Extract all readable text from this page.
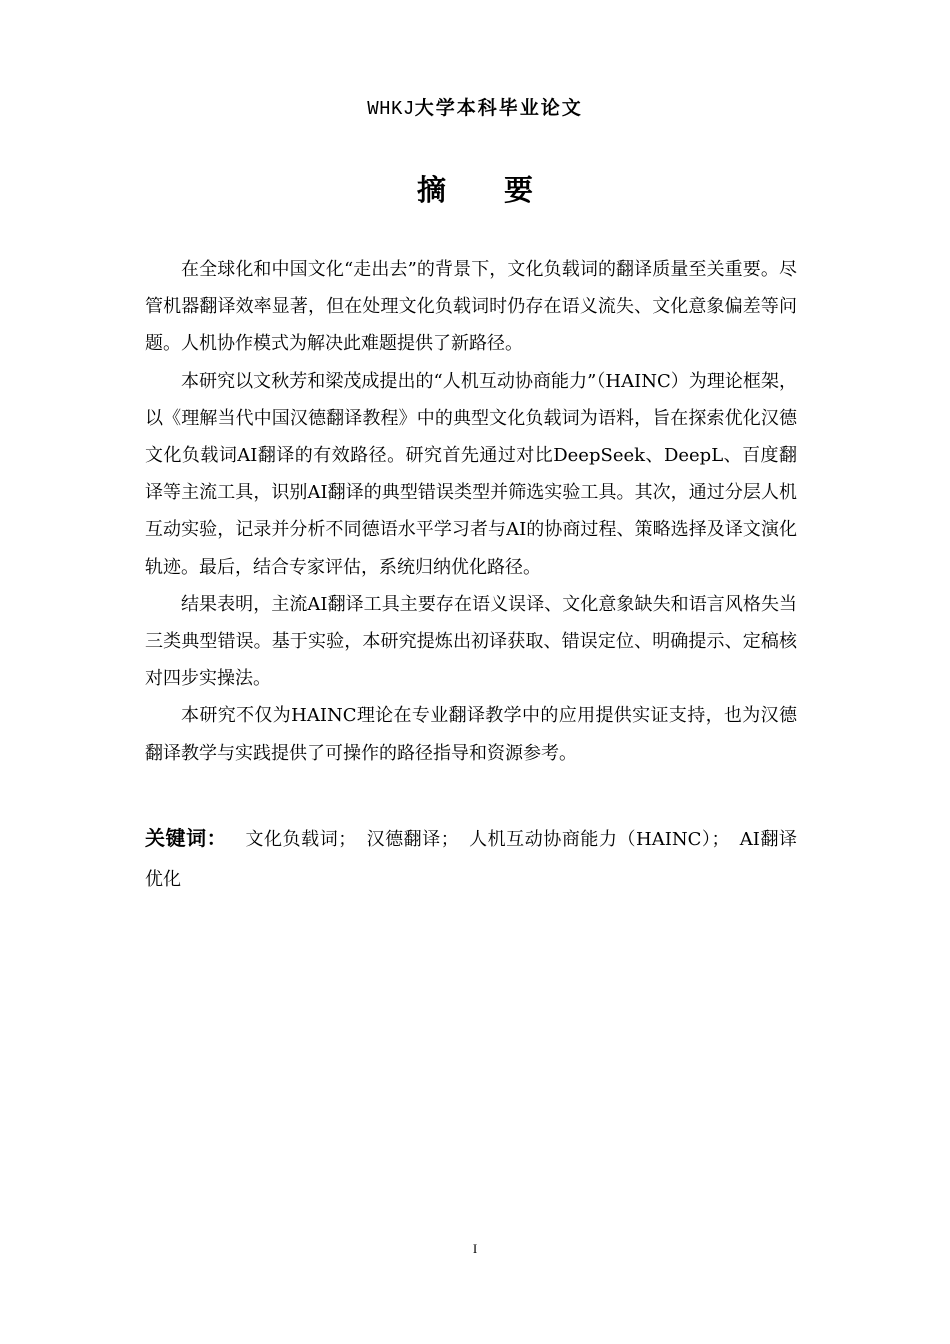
WHKJ大学本科毕业论文
摘 要

在全球化和中国文化“走出去”的背景下，文化负载词的翻译质量至关重要。尽管机器翻译效率显著，但在处理文化负载词时仍存在语义流失、文化意象偏差等问题。人机协作模式为解决此难题提供了新路径。

本研究以文秋芳和梁茂成提出的“人机互动协商能力”（HAINC）为理论框架，以《理解当代中国汉德翻译教程》中的典型文化负载词为语料，旨在探索优化汉德文化负载词AI翻译的有效路径。研究首先通过对比DeepSeek、DeepL、百度翻译等主流工具，识别AI翻译的典型错误类型并筛选实验工具。其次，通过分层人机互动实验，记录并分析不同德语水平学习者与AI的协商过程、策略选择及译文演化轨迹。最后，结合专家评估，系统归纳优化路径。

结果表明，主流AI翻译工具主要存在语义误译、文化意象缺失和语言风格失当三类典型错误。基于实验，本研究提炼出初译获取、错误定位、明确提示、定稿核对四步实操法。

本研究不仅为HAINC理论在专业翻译教学中的应用提供实证支持，也为汉德翻译教学与实践提供了可操作的路径指导和资源参考。

关键词： 文化负载词； 汉德翻译； 人机互动协商能力（HAINC）； AI翻译优化
I
